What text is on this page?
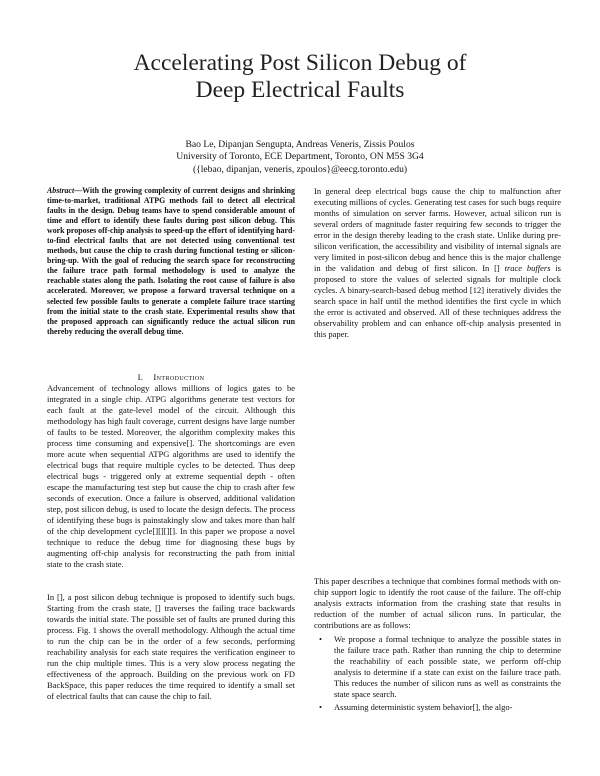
Accelerating Post Silicon Debug of
Deep Electrical Faults
Bao Le, Dipanjan Sengupta, Andreas Veneris, Zissis Poulos
University of Toronto, ECE Department, Toronto, ON M5S 3G4
({lebao, dipanjan, veneris, zpoulos}@eecg.toronto.edu)
Abstract—With the growing complexity of current designs and shrinking time-to-market, traditional ATPG methods fail to detect all electrical faults in the design. Debug teams have to spend considerable amount of time and effort to identify these faults during post silicon debug. This work proposes off-chip analysis to speed-up the effort of identifying hard-to-find electrical faults that are not detected using conventional test methods, but cause the chip to crash during functional testing or silicon-bring-up. With the goal of reducing the search space for reconstructing the failure trace path formal methodology is used to analyze the reachable states along the path. Isolating the root cause of failure is also accelerated. Moreover, we propose a forward traversal technique on a selected few possible faults to generate a complete failure trace starting from the initial state to the crash state. Experimental results show that the proposed approach can significantly reduce the actual silicon run thereby reducing the overall debug time.
I. Introduction
Advancement of technology allows millions of logics gates to be integrated in a single chip. ATPG algorithms generate test vectors for each fault at the gate-level model of the circuit. Although this methodology has high fault coverage, current designs have large number of faults to be tested. Moreover, the algorithm complexity makes this process time consuming and expensive[]. The shortcomings are even more acute when sequential ATPG algorithms are used to identify the electrical bugs that require multiple cycles to be detected. Thus deep electrical bugs - triggered only at extreme sequential depth - often escape the manufacturing test step but cause the chip to crash after few seconds of execution. Once a failure is observed, additional validation step, post silicon debug, is used to locate the design defects. The process of identifying these bugs is painstakingly slow and takes more than half of the chip development cycle[][][][]. In this paper we propose a novel technique to reduce the debug time for diagnosing these bugs by augmenting off-chip analysis for reconstructing the path from initial state to the crash state.
In [], a post silicon debug technique is proposed to identify such bugs. Starting from the crash state, [] traverses the failing trace backwards towards the initial state. The possible set of faults are pruned during this process. Fig. 1 shows the overall methodology. Although the actual time to run the chip can be in the order of a few seconds, performing reachability analysis for each state requires the verification engineer to run the chip multiple times. This is a very slow process negating the effectiveness of the approach. Building on the previous work on FD BackSpace, this paper reduces the time required to identify a small set of electrical faults that can cause the chip to fail.
In general deep electrical bugs cause the chip to malfunction after executing millions of cycles. Generating test cases for such bugs require months of simulation on server farms. However, actual silicon run is several orders of magnitude faster requiring few seconds to trigger the error in the design thereby leading to the crash state. Unlike during pre-silicon verification, the accessibility and visibility of internal signals are very limited in post-silicon debug and hence this is the major challenge in the validation and debug of first silicon. In [] trace buffers is proposed to store the values of selected signals for multiple clock cycles. A binary-search-based debug method [12] iteratively divides the search space in half until the method identifies the first cycle in which the error is activated and observed. All of these techniques address the observability problem and can enhance off-chip analysis presented in this paper.
This paper describes a technique that combines formal methods with on-chip support logic to identify the root cause of the failure. The off-chip analysis extracts information from the crashing state that results in reduction of the number of actual silicon runs. In particular, the contributions are as follows:
• We propose a formal technique to analyze the possible states in the failure trace path. Rather than running the chip to determine the reachability of each possible state, we perform off-chip analysis to determine if a state can exist on the failure trace path. This reduces the number of silicon runs as well as constraints the state space search.
• Assuming deterministic system behavior[], the algo-
